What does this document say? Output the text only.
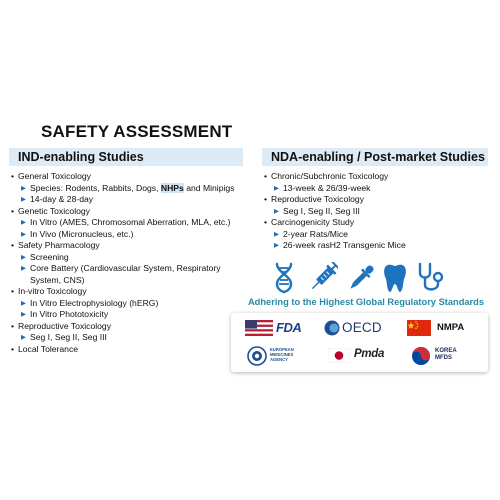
SAFETY ASSESSMENT
IND-enabling Studies	NDA-enabling / Post-market Studies
• General Toxicology
▶ Species: Rodents, Rabbits, Dogs, NHPs and Minipigs
▶ 14-day & 28-day
• Genetic Toxicology
▶ In Vitro (AMES, Chromosomal Aberration, MLA, etc.)
▶ In Vivo (Micronucleus, etc.)
• Safety Pharmacology
▶ Screening
▶ Core Battery (Cardiovascular System, Respiratory
System, CNS)
• In-vitro Toxicology
▶ In Vitro Electrophysiology (hERG)
▶ In Vitro Phototoxicity
• Reproductive Toxicology
▶ Seg I, Seg II, Seg III
• Local Tolerance
• Chronic/Subchronic Toxicology
▶ 13-week & 26/39-week
• Reproductive Toxicology
▶ Seg I, Seg II, Seg III
• Carcinogenicity Study
▶ 2-year Rats/Mice
▶ 26-week rasH2 Transgenic Mice
Adhering to the Highest Global Regulatory Standards
FDA	OECD	NMPA
EUROPEAN
MEDICINES
AGENCY	Pmda	KOREA
MFDS
